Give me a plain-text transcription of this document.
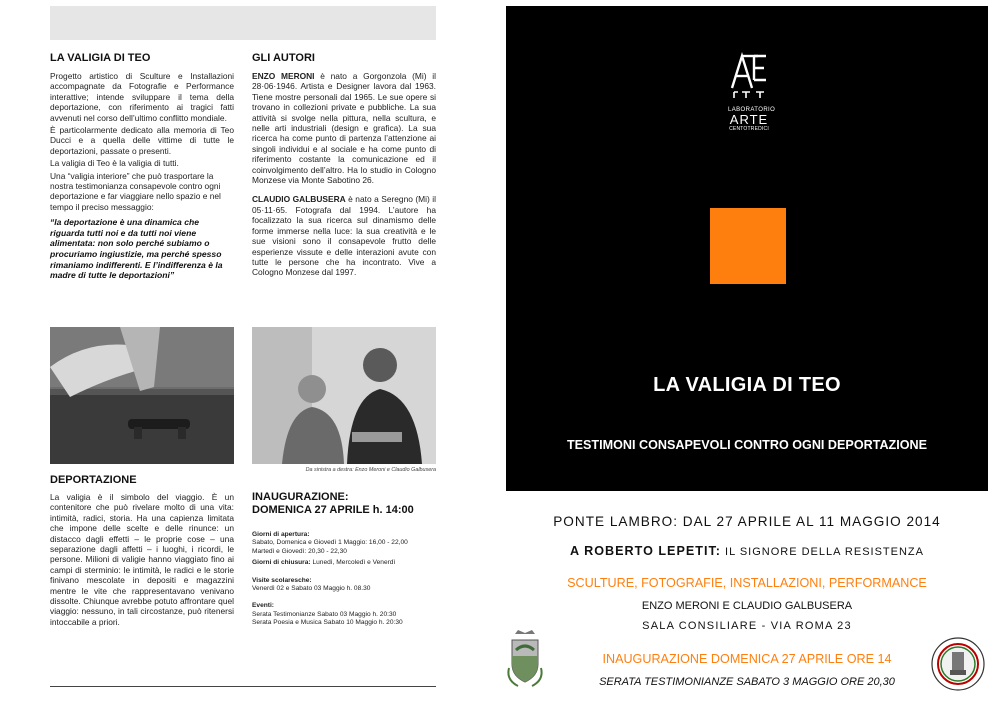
LA VALIGIA DI TEO

Progetto artistico di Sculture e Installazioni accompagnate da Fotografie e Performance interattive; intende sviluppare il tema della deportazione, con riferimento ai tragici fatti avvenuti nel corso dell’ultimo conflitto mondiale.

È particolarmente dedicato alla memoria di Teo Ducci e a quella delle vittime di tutte le deportazioni, passate o presenti.

La valigia di Teo è la valigia di tutti.

Una “valigia interiore” che può trasportare la nostra testimonianza consapevole contro ogni deportazione e far viaggiare nello spazio e nel tempo il preciso messaggio:

“la deportazione è una dinamica che riguarda tutti noi e da tutti noi viene alimentata: non solo perché subiamo o procuriamo ingiustizie, ma perché spesso rimaniamo indifferenti. E l’indifferenza è la madre di tutte le deportazioni”
DEPORTAZIONE
La valigia è il simbolo del viaggio. È un contenitore che può rivelare molto di una vita: intimità, radici, storia. Ha una capienza limitata che impone delle scelte e delle rinunce: un distacco dagli effetti – le proprie cose – una separazione dagli affetti – i luoghi, i ricordi, le persone. Milioni di valigie hanno viaggiato fino ai campi di sterminio: le intimità, le radici e le storie finivano mescolate in depositi e magazzini mentre le vite che rappresentavano venivano dissolte. Chiunque avrebbe potuto affrontare quel viaggio: nessuno, in tali circostanze, può ritenersi intoccabile a priori.
GLI AUTORI
ENZO MERONI è nato a Gorgonzola (Mi) il 28·06·1946. Artista e Designer lavora dal 1963. Tiene mostre personali dal 1965. Le sue opere si trovano in collezioni private e pubbliche. La sua attività si svolge nella pittura, nella scultura, e nelle arti industriali (design e grafica). La sua ricerca ha come punto di partenza l’attenzione ai singoli individui e al sociale e ha come punto di riferimento costante la comunicazione ed il coinvolgimento dell’altro. Ha lo studio in Cologno Monzese via Monte Sabotino 26.
CLAUDIO GALBUSERA è nato a Seregno (Mi) il 05·11·65. Fotografa dal 1994. L’autore ha focalizzato la sua ricerca sul dinamismo delle forme immerse nella luce: la sua creatività e le sue visioni sono il consapevole frutto delle esperienze vissute e delle interazioni avute con tutte le persone che ha incontrato. Vive a Cologno Monzese dal 1997.
Da sinistra a destra: Enzo Meroni e Claudio Galbusera
INAUGURAZIONE:
DOMENICA 27 APRILE h. 14:00
Giorni di apertura:
Sabato, Domenica e Giovedì 1 Maggio: 16,00 - 22,00
Martedì e Giovedì: 20,30 - 22,30
Giorni di chiusura: Lunedì, Mercoledì e Venerdì
Visite scolaresche:
Venerdì 02 e Sabato 03 Maggio h. 08.30
Eventi:
Serata Testimonianze Sabato 03 Maggio h. 20:30
Serata Poesia e Musica Sabato 10 Maggio h. 20:30
LABORATORIO
ARTE
CENTOTREDICI
LA VALIGIA DI TEO
TESTIMONI CONSAPEVOLI CONTRO OGNI DEPORTAZIONE
PONTE LAMBRO: DAL 27 APRILE AL 11 MAGGIO 2014
A ROBERTO LEPETIT: IL SIGNORE DELLA RESISTENZA
SCULTURE, FOTOGRAFIE, INSTALLAZIONI, PERFORMANCE
ENZO MERONI E CLAUDIO GALBUSERA
SALA CONSILIARE - VIA ROMA 23
INAUGURAZIONE DOMENICA 27 APRILE ORE 14
SERATA TESTIMONIANZE SABATO 3 MAGGIO ORE 20,30
